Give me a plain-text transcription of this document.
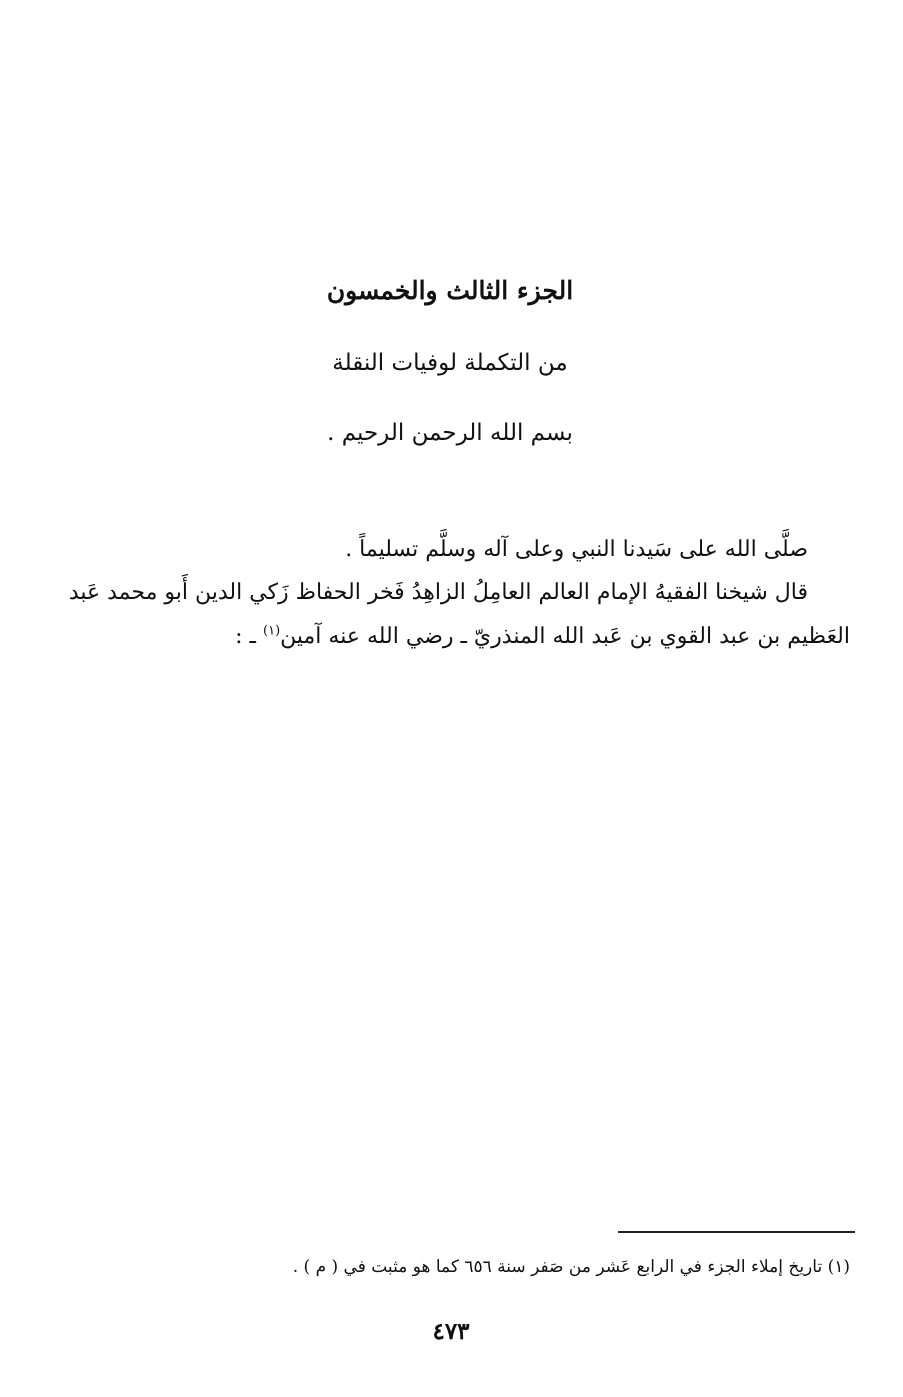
الجزء الثالث والخمسون
من التكملة لوفيات النقلة
بسم الله الرحمن الرحيم .
صلَّى الله على سَيدنا النبي وعلى آله وسلَّم تسليماً .
قال شيخنا الفقيهُ الإمام العالم العامِلُ الزاهِدُ فَخر الحفاظ زَكي الدين أَبو محمد عَبد
العَظيم بن عبد القوي بن عَبد الله المنذريّ ـ رضي الله عنه آمين$^{(١)}$ ـ :
(١) تاريخ إملاء الجزء في الرابع عَشر من صَفر سنة ٦٥٦ كما هو مثبت في ( م ) .
٤٧٣
